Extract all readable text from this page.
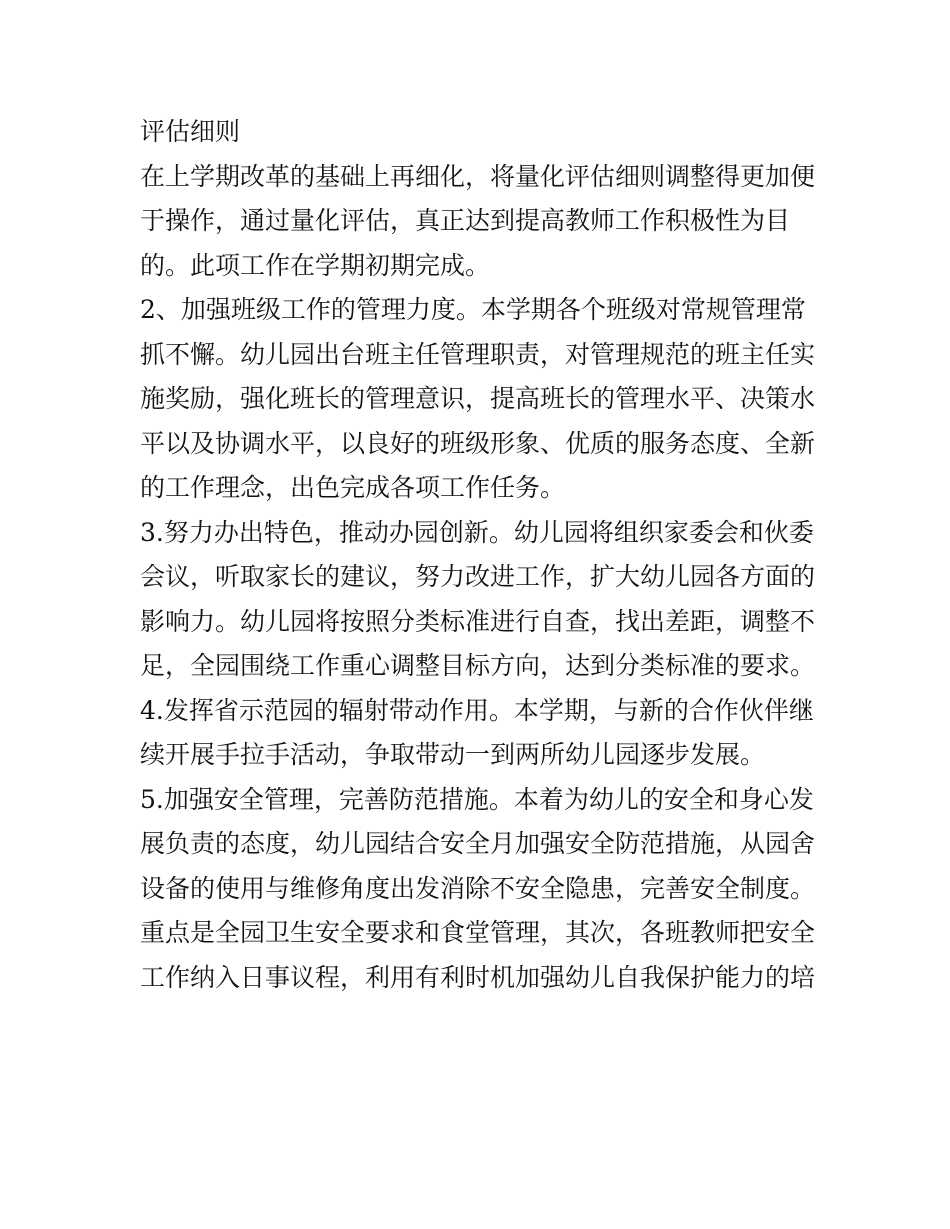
评估细则
在上学期改革的基础上再细化，将量化评估细则调整得更加便
于操作，通过量化评估，真正达到提高教师工作积极性为目
的。此项工作在学期初期完成。
2、加强班级工作的管理力度。本学期各个班级对常规管理常
抓不懈。幼儿园出台班主任管理职责，对管理规范的班主任实
施奖励，强化班长的管理意识，提高班长的管理水平、决策水
平以及协调水平，以良好的班级形象、优质的服务态度、全新
的工作理念，出色完成各项工作任务。
3.努力办出特色，推动办园创新。幼儿园将组织家委会和伙委
会议，听取家长的建议，努力改进工作，扩大幼儿园各方面的
影响力。幼儿园将按照分类标准进行自查，找出差距，调整不
足，全园围绕工作重心调整目标方向，达到分类标准的要求。
4.发挥省示范园的辐射带动作用。本学期，与新的合作伙伴继
续开展手拉手活动，争取带动一到两所幼儿园逐步发展。
5.加强安全管理，完善防范措施。本着为幼儿的安全和身心发
展负责的态度，幼儿园结合安全月加强安全防范措施，从园舍
设备的使用与维修角度出发消除不安全隐患，完善安全制度。
重点是全园卫生安全要求和食堂管理，其次，各班教师把安全
工作纳入日事议程，利用有利时机加强幼儿自我保护能力的培
